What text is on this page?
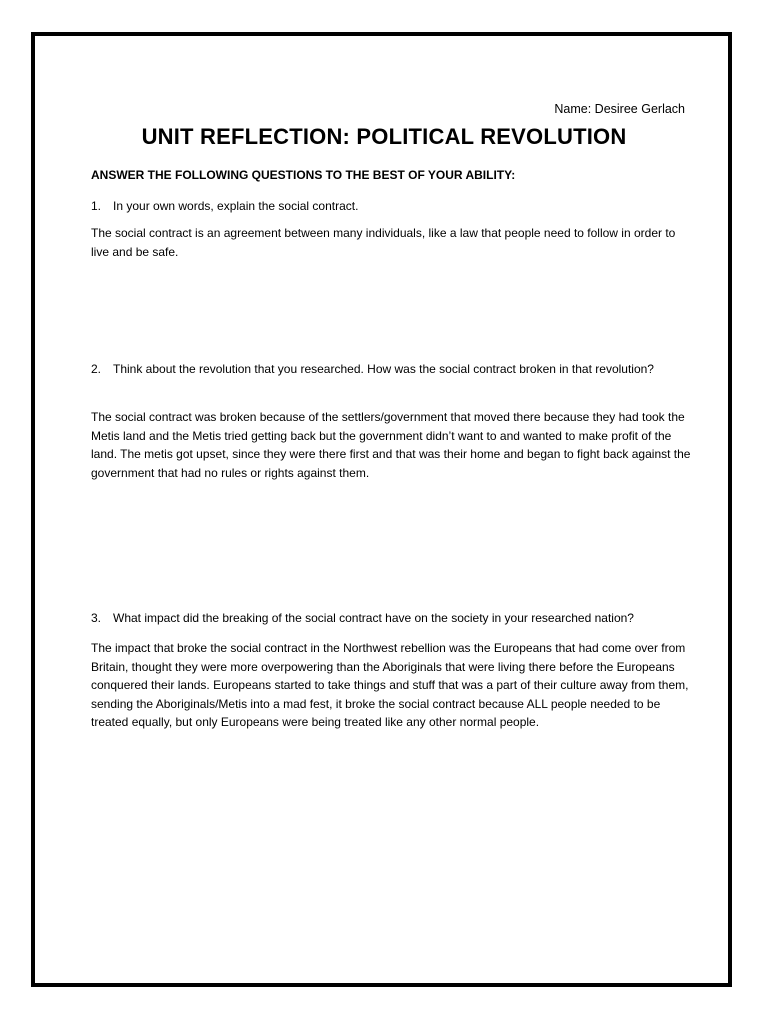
Name: Desiree Gerlach
UNIT REFLECTION: POLITICAL REVOLUTION
ANSWER THE FOLLOWING QUESTIONS TO THE BEST OF YOUR ABILITY:
1. In your own words, explain the social contract.
The social contract is an agreement between many individuals, like a law that people need to follow in order to live and be safe.
2. Think about the revolution that you researched. How was the social contract broken in that revolution?
The social contract was broken because of the settlers/government that moved there because they had took the Metis land and the Metis tried getting back but the government didn’t want to and wanted to make profit of the land. The metis got upset, since they were there first and that was their home and began to fight back against the government that had no rules or rights against them.
3. What impact did the breaking of the social contract have on the society in your researched nation?
The impact that broke the social contract in the Northwest rebellion was the Europeans that had come over from Britain, thought they were more overpowering than the Aboriginals that were living there before the Europeans conquered their lands. Europeans started to take things and stuff that was a part of their culture away from them, sending the Aboriginals/Metis into a mad fest, it broke the social contract because ALL people needed to be treated equally, but only Europeans were being treated like any other normal people.
